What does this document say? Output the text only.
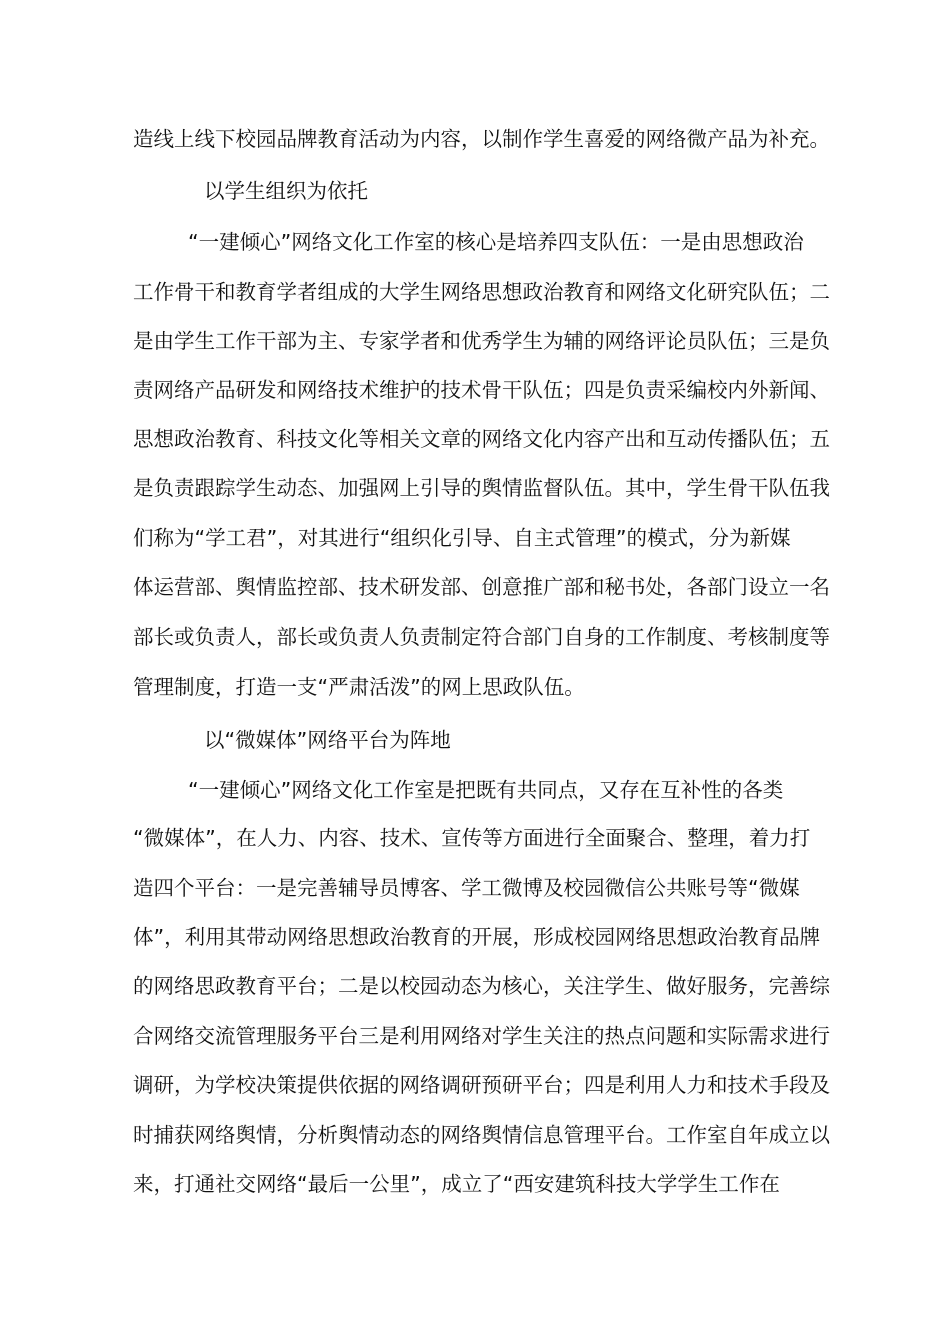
造线上线下校园品牌教育活动为内容，以制作学生喜爱的网络微产品为补充。
以学生组织为依托
“一建倾心”网络文化工作室的核心是培养四支队伍：一是由思想政治
工作骨干和教育学者组成的大学生网络思想政治教育和网络文化研究队伍；二
是由学生工作干部为主、专家学者和优秀学生为辅的网络评论员队伍；三是负
责网络产品研发和网络技术维护的技术骨干队伍；四是负责采编校内外新闻、
思想政治教育、科技文化等相关文章的网络文化内容产出和互动传播队伍；五
是负责跟踪学生动态、加强网上引导的舆情监督队伍。其中，学生骨干队伍我
们称为“学工君”，对其进行“组织化引导、自主式管理”的模式，分为新媒
体运营部、舆情监控部、技术研发部、创意推广部和秘书处，各部门设立一名
部长或负责人，部长或负责人负责制定符合部门自身的工作制度、考核制度等
管理制度，打造一支“严肃活泼”的网上思政队伍。
以“微媒体”网络平台为阵地
“一建倾心”网络文化工作室是把既有共同点，又存在互补性的各类
“微媒体”，在人力、内容、技术、宣传等方面进行全面聚合、整理，着力打
造四个平台：一是完善辅导员博客、学工微博及校园微信公共账号等“微媒
体”，利用其带动网络思想政治教育的开展，形成校园网络思想政治教育品牌
的网络思政教育平台；二是以校园动态为核心，关注学生、做好服务，完善综
合网络交流管理服务平台三是利用网络对学生关注的热点问题和实际需求进行
调研，为学校决策提供依据的网络调研预研平台；四是利用人力和技术手段及
时捕获网络舆情，分析舆情动态的网络舆情信息管理平台。工作室自年成立以
来，打通社交网络“最后一公里”，成立了“西安建筑科技大学学生工作在
